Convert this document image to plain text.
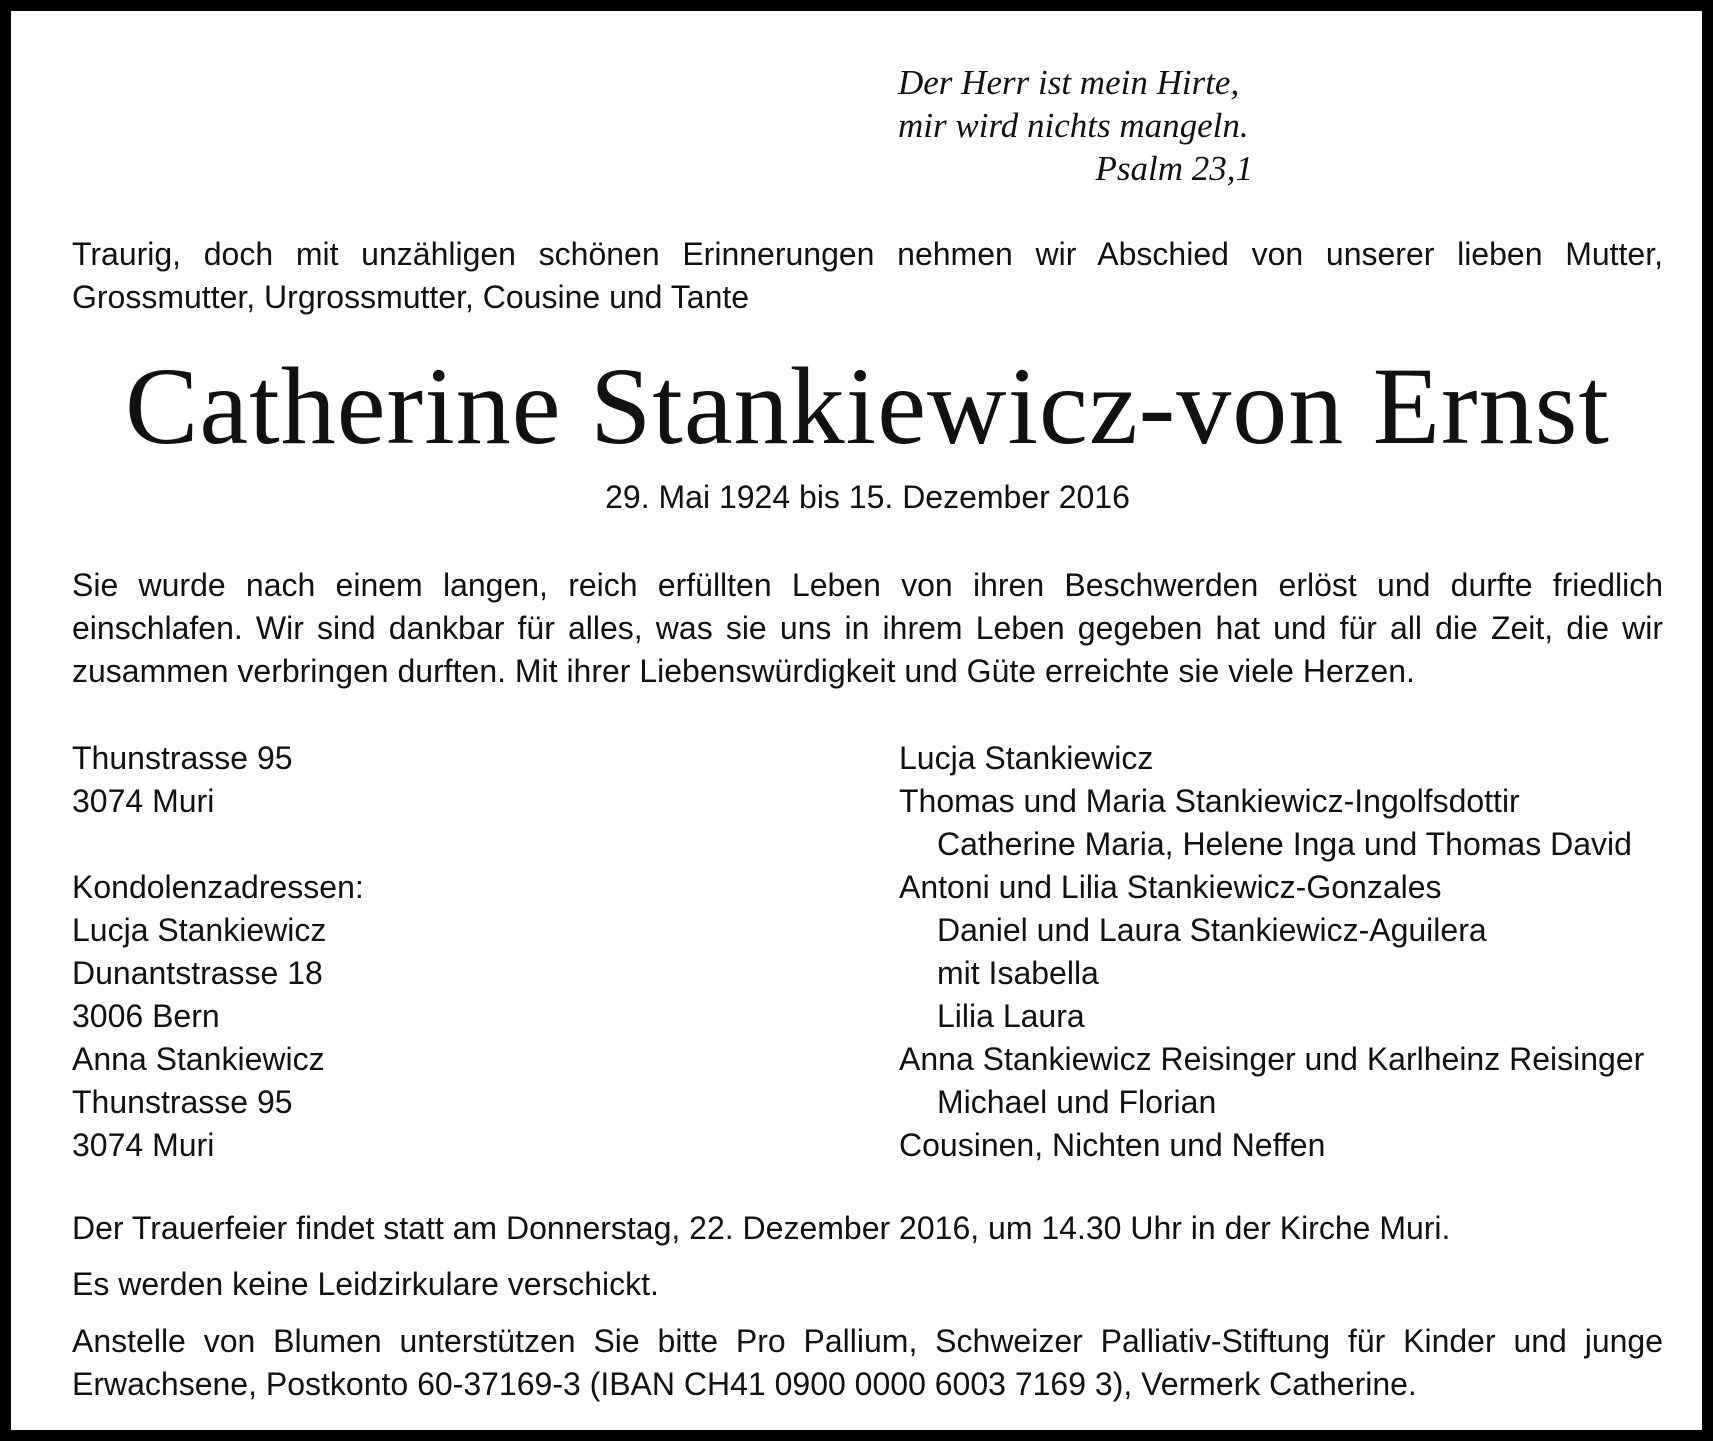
Der Herr ist mein Hirte,
mir wird nichts mangeln.
Psalm 23,1
Traurig, doch mit unzähligen schönen Erinnerungen nehmen wir Abschied von unserer lieben Mutter, Grossmutter, Urgrossmutter, Cousine und Tante
Catherine Stankiewicz-von Ernst
29. Mai 1924 bis 15. Dezember 2016
Sie wurde nach einem langen, reich erfüllten Leben von ihren Beschwerden erlöst und durfte friedlich einschlafen. Wir sind dankbar für alles, was sie uns in ihrem Leben gegeben hat und für all die Zeit, die wir zusammen verbringen durften. Mit ihrer Liebenswürdigkeit und Güte erreichte sie viele Herzen.
Thunstrasse 95
3074 Muri
Kondolenzadressen:
Lucja Stankiewicz
Dunantstrasse 18
3006 Bern
Anna Stankiewicz
Thunstrasse 95
3074 Muri
Lucja Stankiewicz
Thomas und Maria Stankiewicz-Ingolfsdottir
Catherine Maria, Helene Inga und Thomas David
Antoni und Lilia Stankiewicz-Gonzales
Daniel und Laura Stankiewicz-Aguilera
mit Isabella
Lilia Laura
Anna Stankiewicz Reisinger und Karlheinz Reisinger
Michael und Florian
Cousinen, Nichten und Neffen
Der Trauerfeier findet statt am Donnerstag, 22. Dezember 2016, um 14.30 Uhr in der Kirche Muri.
Es werden keine Leidzirkulare verschickt.
Anstelle von Blumen unterstützen Sie bitte Pro Pallium, Schweizer Palliativ-Stiftung für Kinder und junge Erwachsene, Postkonto 60-37169-3 (IBAN CH41 0900 0000 6003 7169 3), Vermerk Catherine.
